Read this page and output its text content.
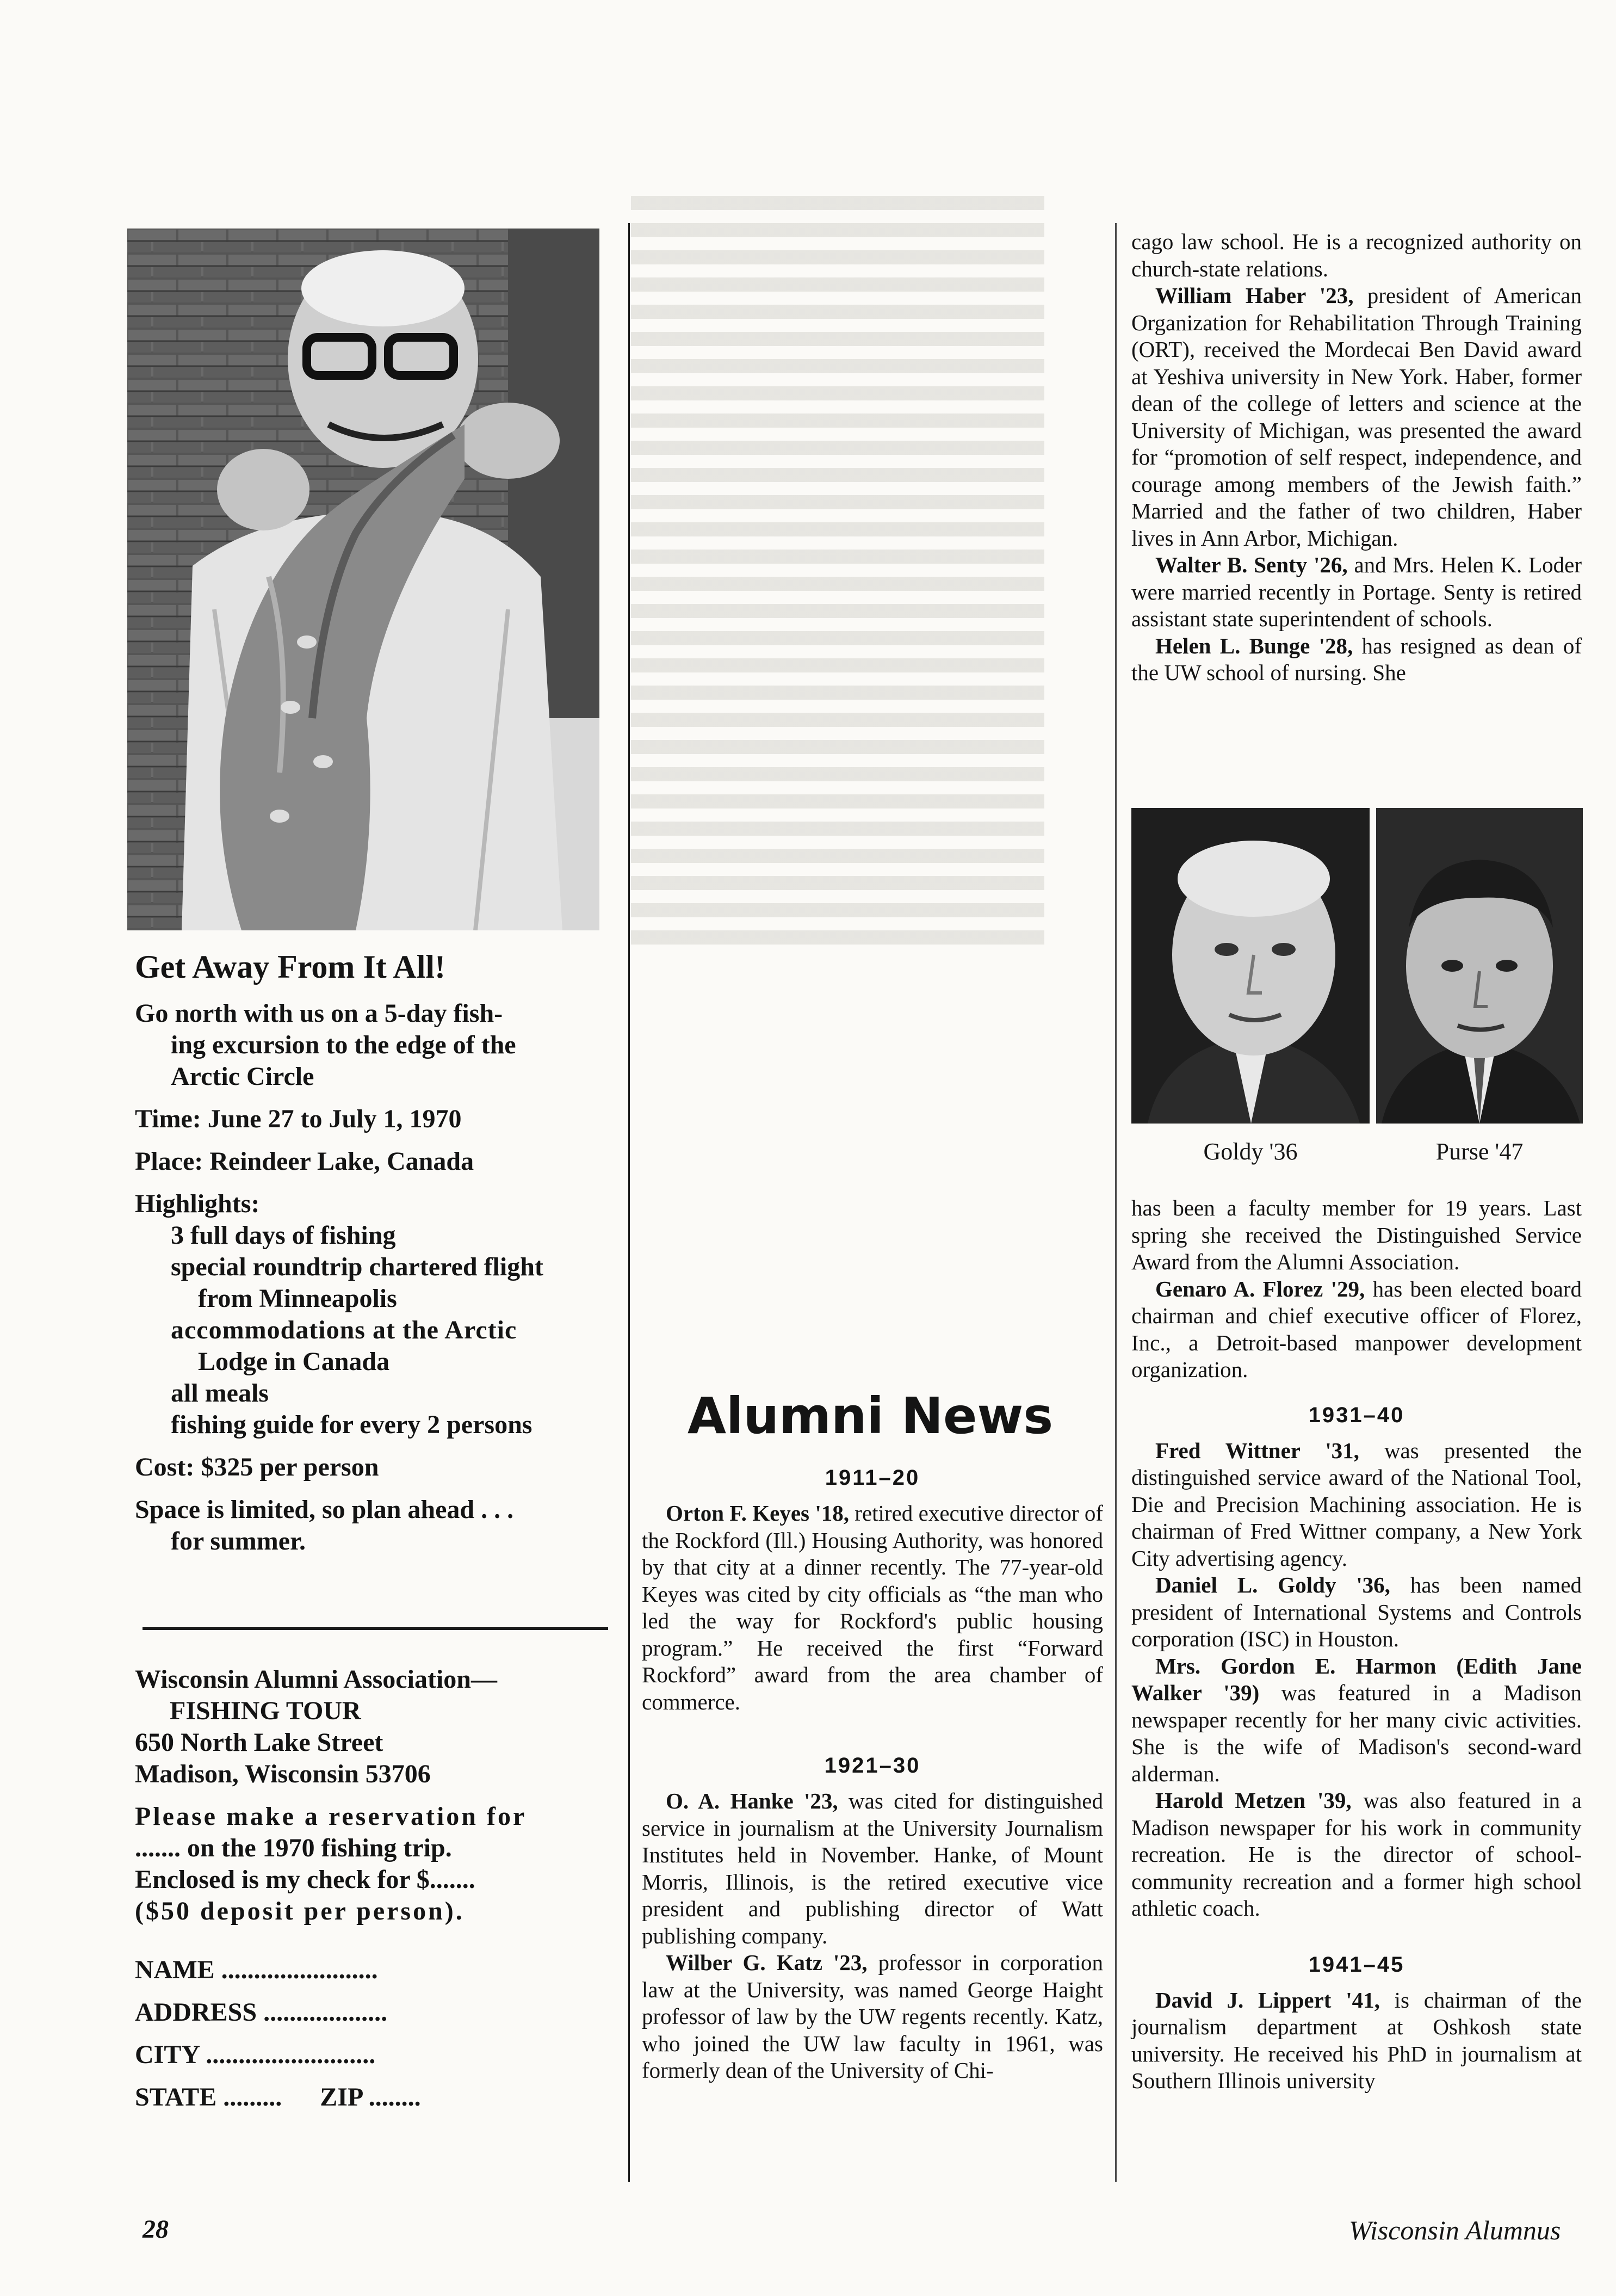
Get Away From It All!

Go north with us on a 5-day fish-

ing excursion to the edge of the

Arctic Circle

Time: June 27 to July 1, 1970

Place: Reindeer Lake, Canada

Highlights:

3 full days of fishing

special roundtrip chartered flight

from Minneapolis

accommodations at the Arctic

Lodge in Canada

all meals

fishing guide for every 2 persons

Cost: $325 per person

Space is limited, so plan ahead . . .

for summer.

Wisconsin Alumni Association—

FISHING TOUR

650 North Lake Street

Madison, Wisconsin 53706

Please make a reservation for

....... on the 1970 fishing trip.

Enclosed is my check for $.......

($50 deposit per person).

NAME ........................

ADDRESS ...................

CITY ..........................

STATE ......... ZIP ........

28
Alumni News

1911–20

Orton F. Keyes '18, retired executive director of the Rockford (Ill.) Housing Authority, was honored by that city at a dinner recently. The 77-year-old Keyes was cited by city officials as “the man who led the way for Rockford's public housing program.” He received the first “Forward Rockford” award from the area chamber of commerce.

1921–30

O. A. Hanke '23, was cited for distinguished service in journalism at the University Journalism Institutes held in November. Hanke, of Mount Morris, Illinois, is the retired executive vice president and publishing director of Watt publishing company.

Wilber G. Katz '23, professor in corporation law at the University, was named George Haight professor of law by the UW regents recently. Katz, who joined the UW law faculty in 1961, was formerly dean of the University of Chi-

cago law school. He is a recognized authority on church-state relations.

William Haber '23, president of American Organization for Rehabilitation Through Training (ORT), received the Mordecai Ben David award at Yeshiva university in New York. Haber, former dean of the college of letters and science at the University of Michigan, was presented the award for “promotion of self respect, independence, and courage among members of the Jewish faith.” Married and the father of two children, Haber lives in Ann Arbor, Michigan.

Walter B. Senty '26, and Mrs. Helen K. Loder were married recently in Portage. Senty is retired assistant state superintendent of schools.

Helen L. Bunge '28, has resigned as dean of the UW school of nursing. She

Goldy '36	Purse '47

has been a faculty member for 19 years. Last spring she received the Distinguished Service Award from the Alumni Association.

Genaro A. Florez '29, has been elected board chairman and chief executive officer of Florez, Inc., a Detroit-based manpower development organization.

1931–40

Fred Wittner '31, was presented the distinguished service award of the National Tool, Die and Precision Machining association. He is chairman of Fred Wittner company, a New York City advertising agency.

Daniel L. Goldy '36, has been named president of International Systems and Controls corporation (ISC) in Houston.

Mrs. Gordon E. Harmon (Edith Jane Walker '39) was featured in a Madison newspaper recently for her many civic activities. She is the wife of Madison's second-ward alderman.

Harold Metzen '39, was also featured in a Madison newspaper for his work in community recreation. He is the director of school-community recreation and a former high school athletic coach.

1941–45

David J. Lippert '41, is chairman of the journalism department at Oshkosh state university. He received his PhD in journalism at Southern Illinois university

Wisconsin Alumnus
